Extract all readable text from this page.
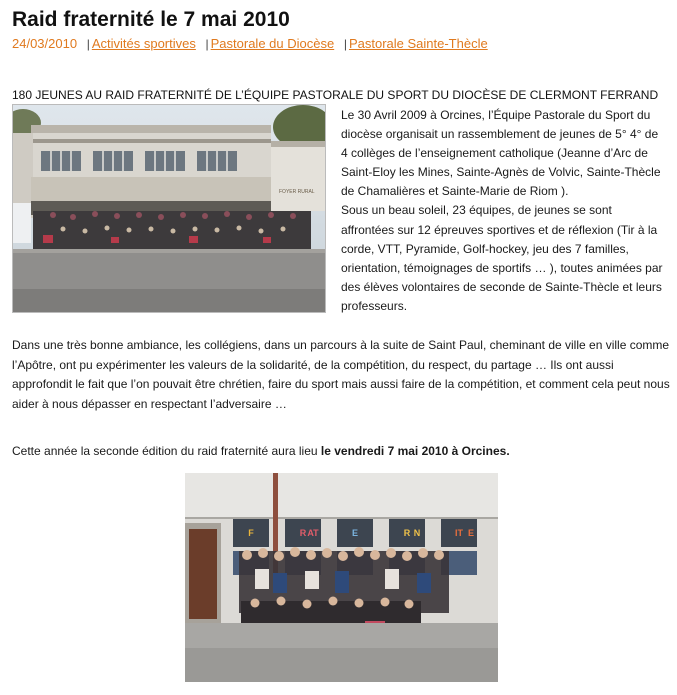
Raid fraternité le 7 mai 2010
24/03/2010 | Activités sportives | Pastorale du Diocèse | Pastorale Sainte-Thècle
180 JEUNES AU RAID FRATERNITÉ DE L’ÉQUIPE PASTORALE DU SPORT DU DIOCÈSE DE CLERMONT FERRAND
FOYER RURAL

Le 30 Avril 2009 à Orcines, l’Équipe Pastorale du Sport du diocèse organisait un rassemblement de jeunes de 5° 4° de 4 collèges de l’enseignement catholique (Jeanne d’Arc de Saint-Eloy les Mines, Sainte-Agnès de Volvic, Sainte-Thècle de Chamalières et Sainte-Marie de Riom ).

Sous un beau soleil, 23 équipes, de jeunes se sont affrontées sur 12 épreuves sportives et de réflexion (Tir à la corde, VTT, Pyramide, Golf-hockey, jeu des 7 familles, orientation, témoignages de sportifs … ), toutes animées par des élèves volontaires de seconde de Sainte-Thècle et leurs professeurs.

Dans une très bonne ambiance, les collégiens, dans un parcours à la suite de Saint Paul, cheminant de ville en ville comme l’Apôtre, ont pu expérimenter les valeurs de la solidarité, de la compétition, du respect, du partage … Ils ont aussi approfondit le fait que l’on pouvait être chrétien, faire du sport mais aussi faire de la compétition, et comment cela peut nous aider à nous dépasser en respectant l’adversaire …

Cette année la seconde édition du raid fraternité aura lieu le vendredi 7 mai 2010 à Orcines.

F	R AT	E	R N	IT E
